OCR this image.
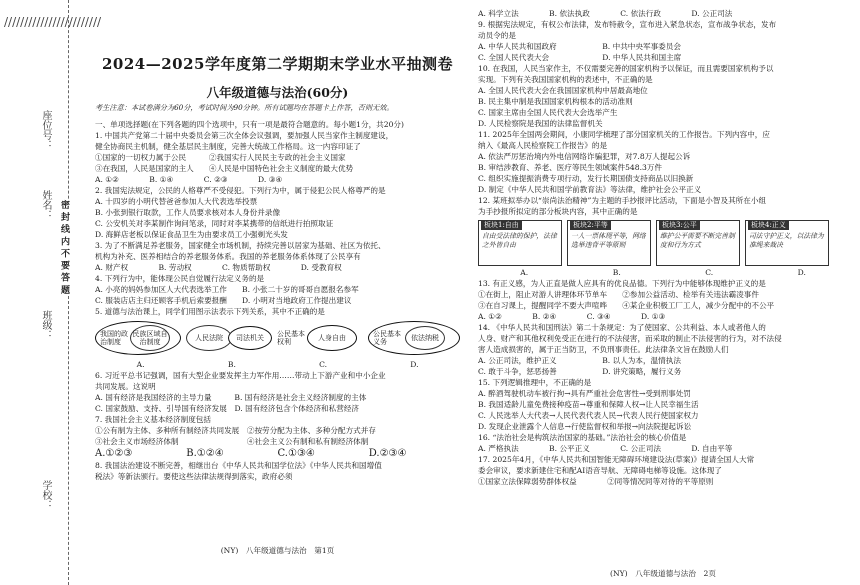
////////////////////////
座位号：
姓名：
班级：
学校：
密 封 线 内 不 要 答 题
2024—2025学年度第二学期期末学业水平抽测卷
八年级道德与法治(60分)
考生注意：本试卷满分为60分，考试时间为90分钟。所有试题均在答题卡上作答，否则无效。

一、单项选择题(在下列各题的四个选项中，只有一项是最符合题意的。每小题1分，共20分)

1. 中国共产党第二十届中央委员会第三次全体会议强调，要加强人民当家作主制度建设，

健全协商民主机制，健全基层民主制度，完善大统战工作格局。这一内容印证了

①国家的一切权力属于公民　　　②我国实行人民民主专政的社会主义国家

③在我国，人民是国家的主人　　④人民是中国特色社会主义制度的最大优势

A. ①②　　　　B. ①④　　　　C. ②③　　　　D. ③④

2. 我国宪法规定，公民的人格尊严不受侵犯。下列行为中，属于侵犯公民人格尊严的是

A. 十四岁的小明代替爸爸参加人大代表选举投票

B. 小张到银行取款，工作人员要求核对本人身份并录像

C. 公安机关对李某制作询问笔录，同时对李某携带的信纸进行拍照取证

D. 海鲜店老板以保证食品卫生为由要求员工小强剃光头发

3. 为了不断满足养老服务，国家健全市场机制，持续完善以居家为基础、社区为依托、

机构为补充、医养相结合的养老服务体系。我国的养老服务体系体现了公民享有

A. 财产权　　　　B. 劳动权　　　　C. 物质帮助权　　　　D. 受教育权

4. 下列行为中，能体现公民自觉履行法定义务的是

A. 小亮的妈妈参加区人大代表选举工作　　B. 小张二十岁的哥哥自愿报名参军

C. 服装店店主归还顾客手机后索要报酬　　D. 小明对当地政府工作提出建议

5. 道德与法治课上，同学们用图示法表示下列关系，其中不正确的是

我国的政治制度
民族区域自治制度
人民法院 司法机关 公民基本权利
人身自由	公民基本义务	依法纳税
A.	B.	C.	D.

6. 习近平总书记强调，国有大型企业要发挥主力军作用……带动上下游产业和中小企业

共同发展。这说明

A. 国有经济是我国经济的主导力量　　　B. 国有经济是社会主义经济制度的主体

C. 国家鼓励、支持、引导国有经济发展　D. 国有经济包含个体经济和私营经济

7. 我国社会主义基本经济制度包括

①公有制为主体、多种所有制经济共同发展　②按劳分配为主体、多种分配方式并存

③社会主义市场经济体制　　　　　　　　　④社会主义公有制和私有制经济体制

A.①②③	B.①②④	C.①③④	D.②③④

8. 我国法治建设不断完善，相继出台《中华人民共和国学位法》《中华人民共和国增值

税法》等新法颁行。要使这些法律法规得到落实，政府必须

(NY)　八年级道德与法治　第1页

A. 科学立法　　　　B. 依法执政　　　　C. 依法行政　　　　D. 公正司法

9. 根据宪法规定，有权公布法律，发布特赦令，宣布进入紧急状态，宣布战争状态，发布

动员令的是

A. 中华人民共和国政府　　　　　　B. 中共中央军事委员会

C. 全国人民代表大会　　　　　　　D. 中华人民共和国主席

10. 在我国，人民当家作主，不仅需要完善的国家机构予以保证，而且需要国家机构予以

实现。下列有关我国国家机构的表述中，不正确的是

A. 全国人民代表大会在我国国家机构中居最高地位

B. 民主集中制是我国国家机构根本的活动准则

C. 国家主席由全国人民代表大会选举产生

D. 人民检察院是我国的法律监督机关

11. 2025年全国两会期间，小康同学梳理了部分国家机关的工作报告。下列内容中，应

纳入《最高人民检察院工作报告》的是

A. 依法严厉惩治境内外电信网络诈骗犯罪，对7.8万人提起公诉

B. 审结涉教育、养老、医疗等民生领域案件548.3万件

C. 组织实施提振消费专项行动，发行长期国债支持商品以旧换新

D. 制定《中华人民共和国学前教育法》等法律，维护社会公平正义

12. 某班拟举办以“崇尚法治精神”为主题的手抄报评比活动，下面是小智及其所在小组

为手抄报所拟定的部分板块内容，其中正确的是

板块1:自由
自由受法律的保护，法律之外皆自由
板块2:平等
一人一票体现平等，网络选举违背平等原则
板块3:公平
维护公平需要不断完善制度和行为方式
板块4:正义
司法守护正义，以法律为准绳来裁决
A.	B.	C.	D.

13. 有正义感，为人正直是做人应具有的优良品德。下列行为中能够体现维护正义的是

①在街上，阻止对游人讲理体环节单车　　②参加公益活动、检举有关违法霸凌事件

③在自习课上，提醒同学不要大声喧哗　　④某企业积极工厂工人，减少分配中的不公平

A. ①②　　　　B. ②④　　　　C. ③④　　　　D. ①③

14. 《中华人民共和国刑法》第二十条规定：为了使国家、公共利益、本人或者他人的

人身、财产和其他权利免受正在进行的不法侵害，而采取的制止不法侵害的行为，对不法侵

害人造成损害的，属于正当防卫，不负刑事责任。此法律条文旨在鼓励人们

A. 公正司法，维护正义　　　　　　B. 以人为本，温情执法

C. 敢于斗争，惩恶扬善　　　　　　D. 讲究策略，履行义务

15. 下列逻辑推理中，不正确的是

A. 醉酒驾驶机动车被行拘→具有严重社会危害性→受到刑事处罚

B. 我国适龄儿童免费接种疫苗→尊重和保障人权→让人民幸福生活

C. 人民选举人大代表→人民代表代表人民→代表人民行使国家权力

D. 发现企业泄露个人信息→行使监督权和举报→向法院提起诉讼

16. “法治社会是构筑法治国家的基础。”法治社会的核心价值是

A. 严格执法　　　　B. 公平正义　　　　C. 公正司法　　　　D. 自由平等

17. 2025年4月，《中华人民共和国智能无障碍环境建设法(草案)》提请全国人大常

委会审议，要求新建住宅和配AI语音导航、无障碍电梯等设施。这体现了

①国家立法保障弱势群体权益　　　　②同等情况同等对待的平等原则

(NY)　八年级道德与法治　2页
